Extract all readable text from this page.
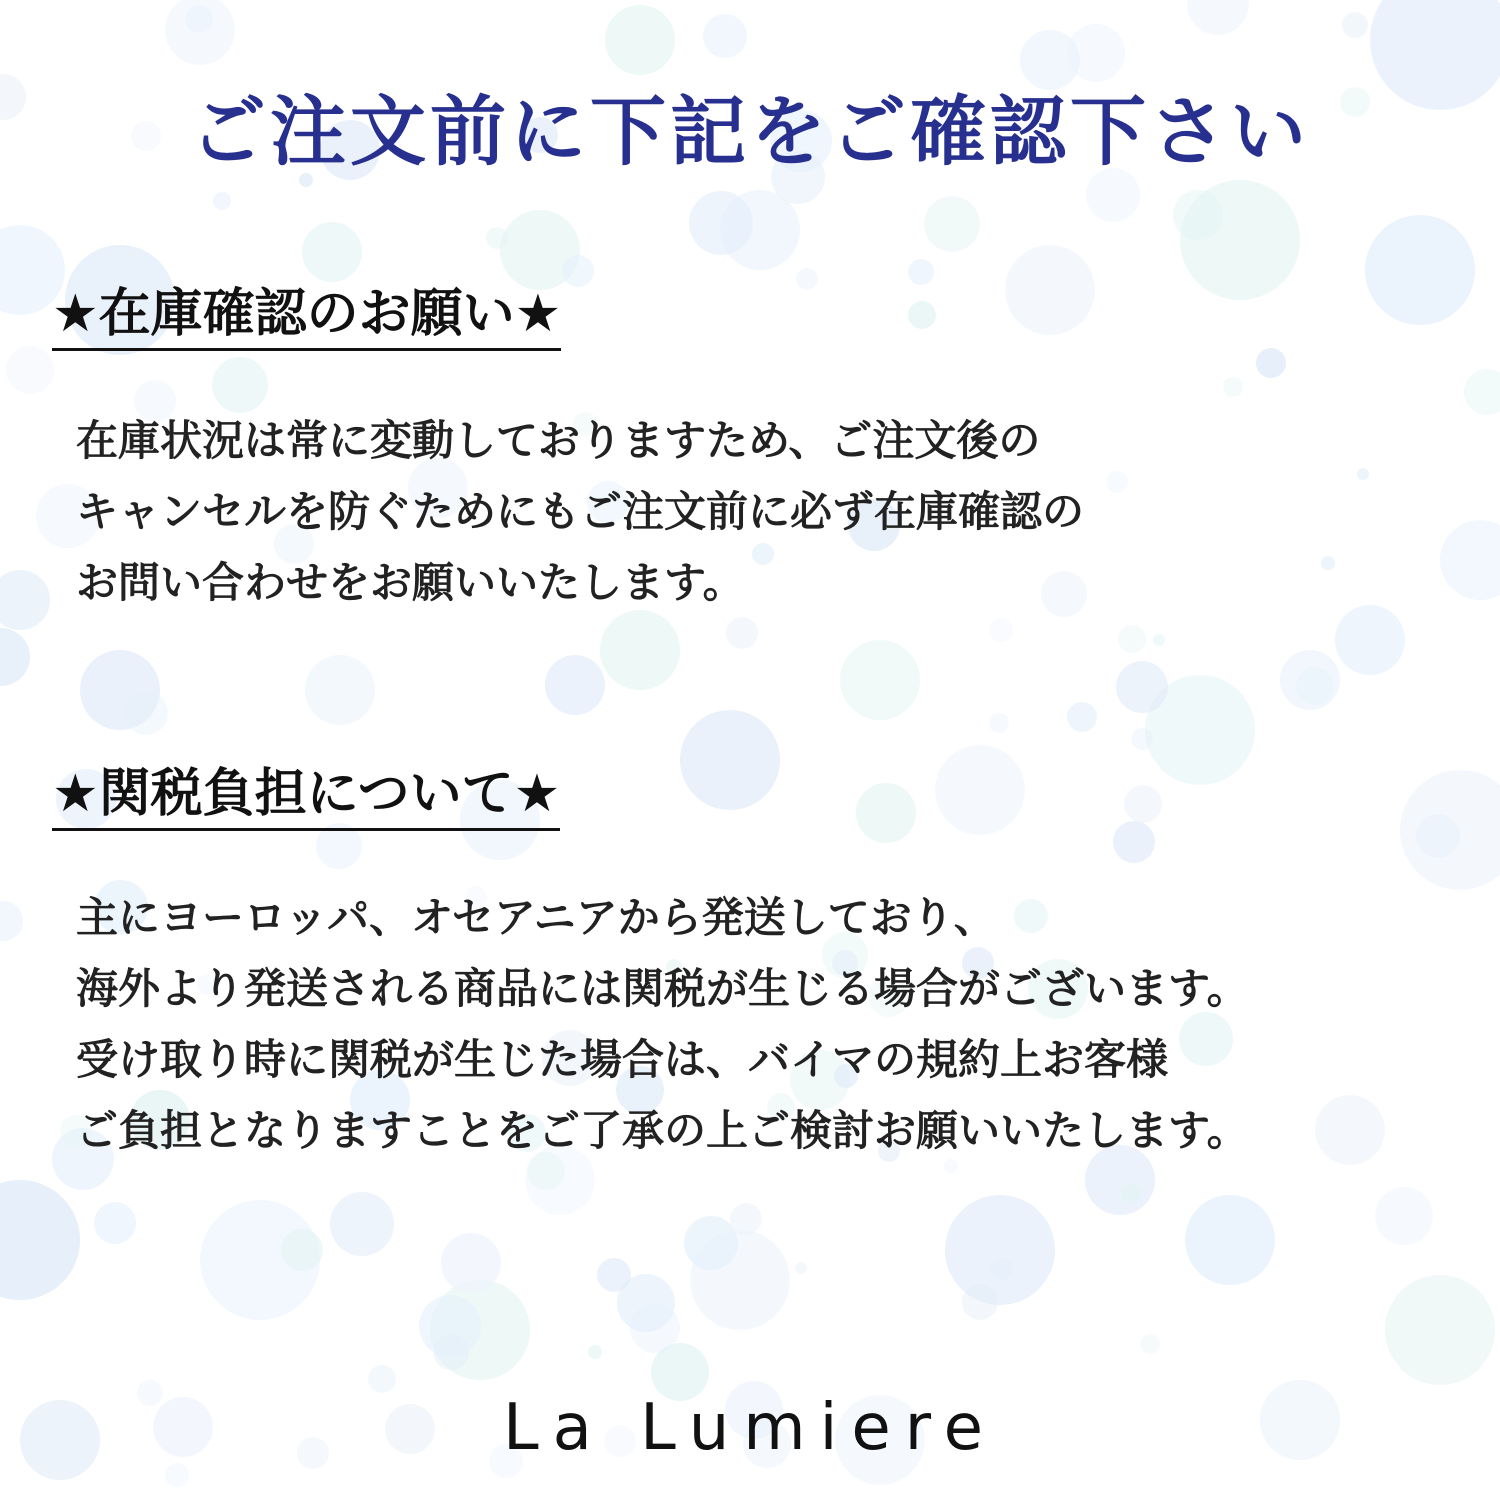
ご注文前に下記をご確認下さい
★在庫確認のお願い★

在庫状況は常に変動しておりますため、ご注文後の

キャンセルを防ぐためにもご注文前に必ず在庫確認の

お問い合わせをお願いいたします。

★関税負担について★

主にヨーロッパ、オセアニアから発送しており、

海外より発送される商品には関税が生じる場合がございます。

受け取り時に関税が生じた場合は、バイマの規約上お客様

ご負担となりますことをご了承の上ご検討お願いいたします。

La Lumiere
